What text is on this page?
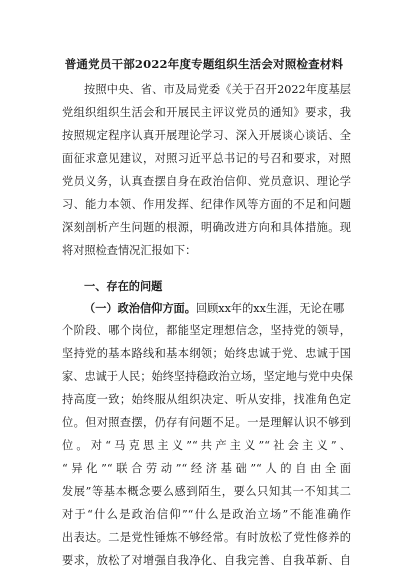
普通党员干部2022年度专题组织生活会对照检查材料
按照中央、省、市及局党委《关于召开2022年度基层
党组织组织生活会和开展民主评议党员的通知》要求，我
按照规定程序认真开展理论学习、深入开展谈心谈话、全
面征求意见建议，对照习近平总书记的号召和要求，对照
党员义务，认真查摆自身在政治信仰、党员意识、理论学
习、能力本领、作用发挥、纪律作风等方面的不足和问题
深刻剖析产生问题的根源，明确改进方向和具体措施。现
将对照检查情况汇报如下：
一、存在的问题
（一）政治信仰方面。回顾xx年的xx生涯，无论在哪
个阶段、哪个岗位，都能坚定理想信念，坚持党的领导，
坚持党的基本路线和基本纲领；始终忠诚于党、忠诚于国
家、忠诚于人民；始终坚持稳政治立场，坚定地与党中央保
持高度一致；始终服从组织决定、听从安排，找准角色定
位。但对照查摆，仍存有问题不足。一是理解认识不够到
位。对“马克思主义”“共产主义”“社会主义”、
“异化”“联合劳动”“经济基础”“人的自由全面
发展”等基本概念要么感到陌生，要么只知其一不知其二
对于“什么是政治信仰”“什么是政治立场”不能准确作
出表达。二是党性锤炼不够经常。有时放松了党性修养的
要求，放松了对增强自我净化、自我完善、自我革新、自
